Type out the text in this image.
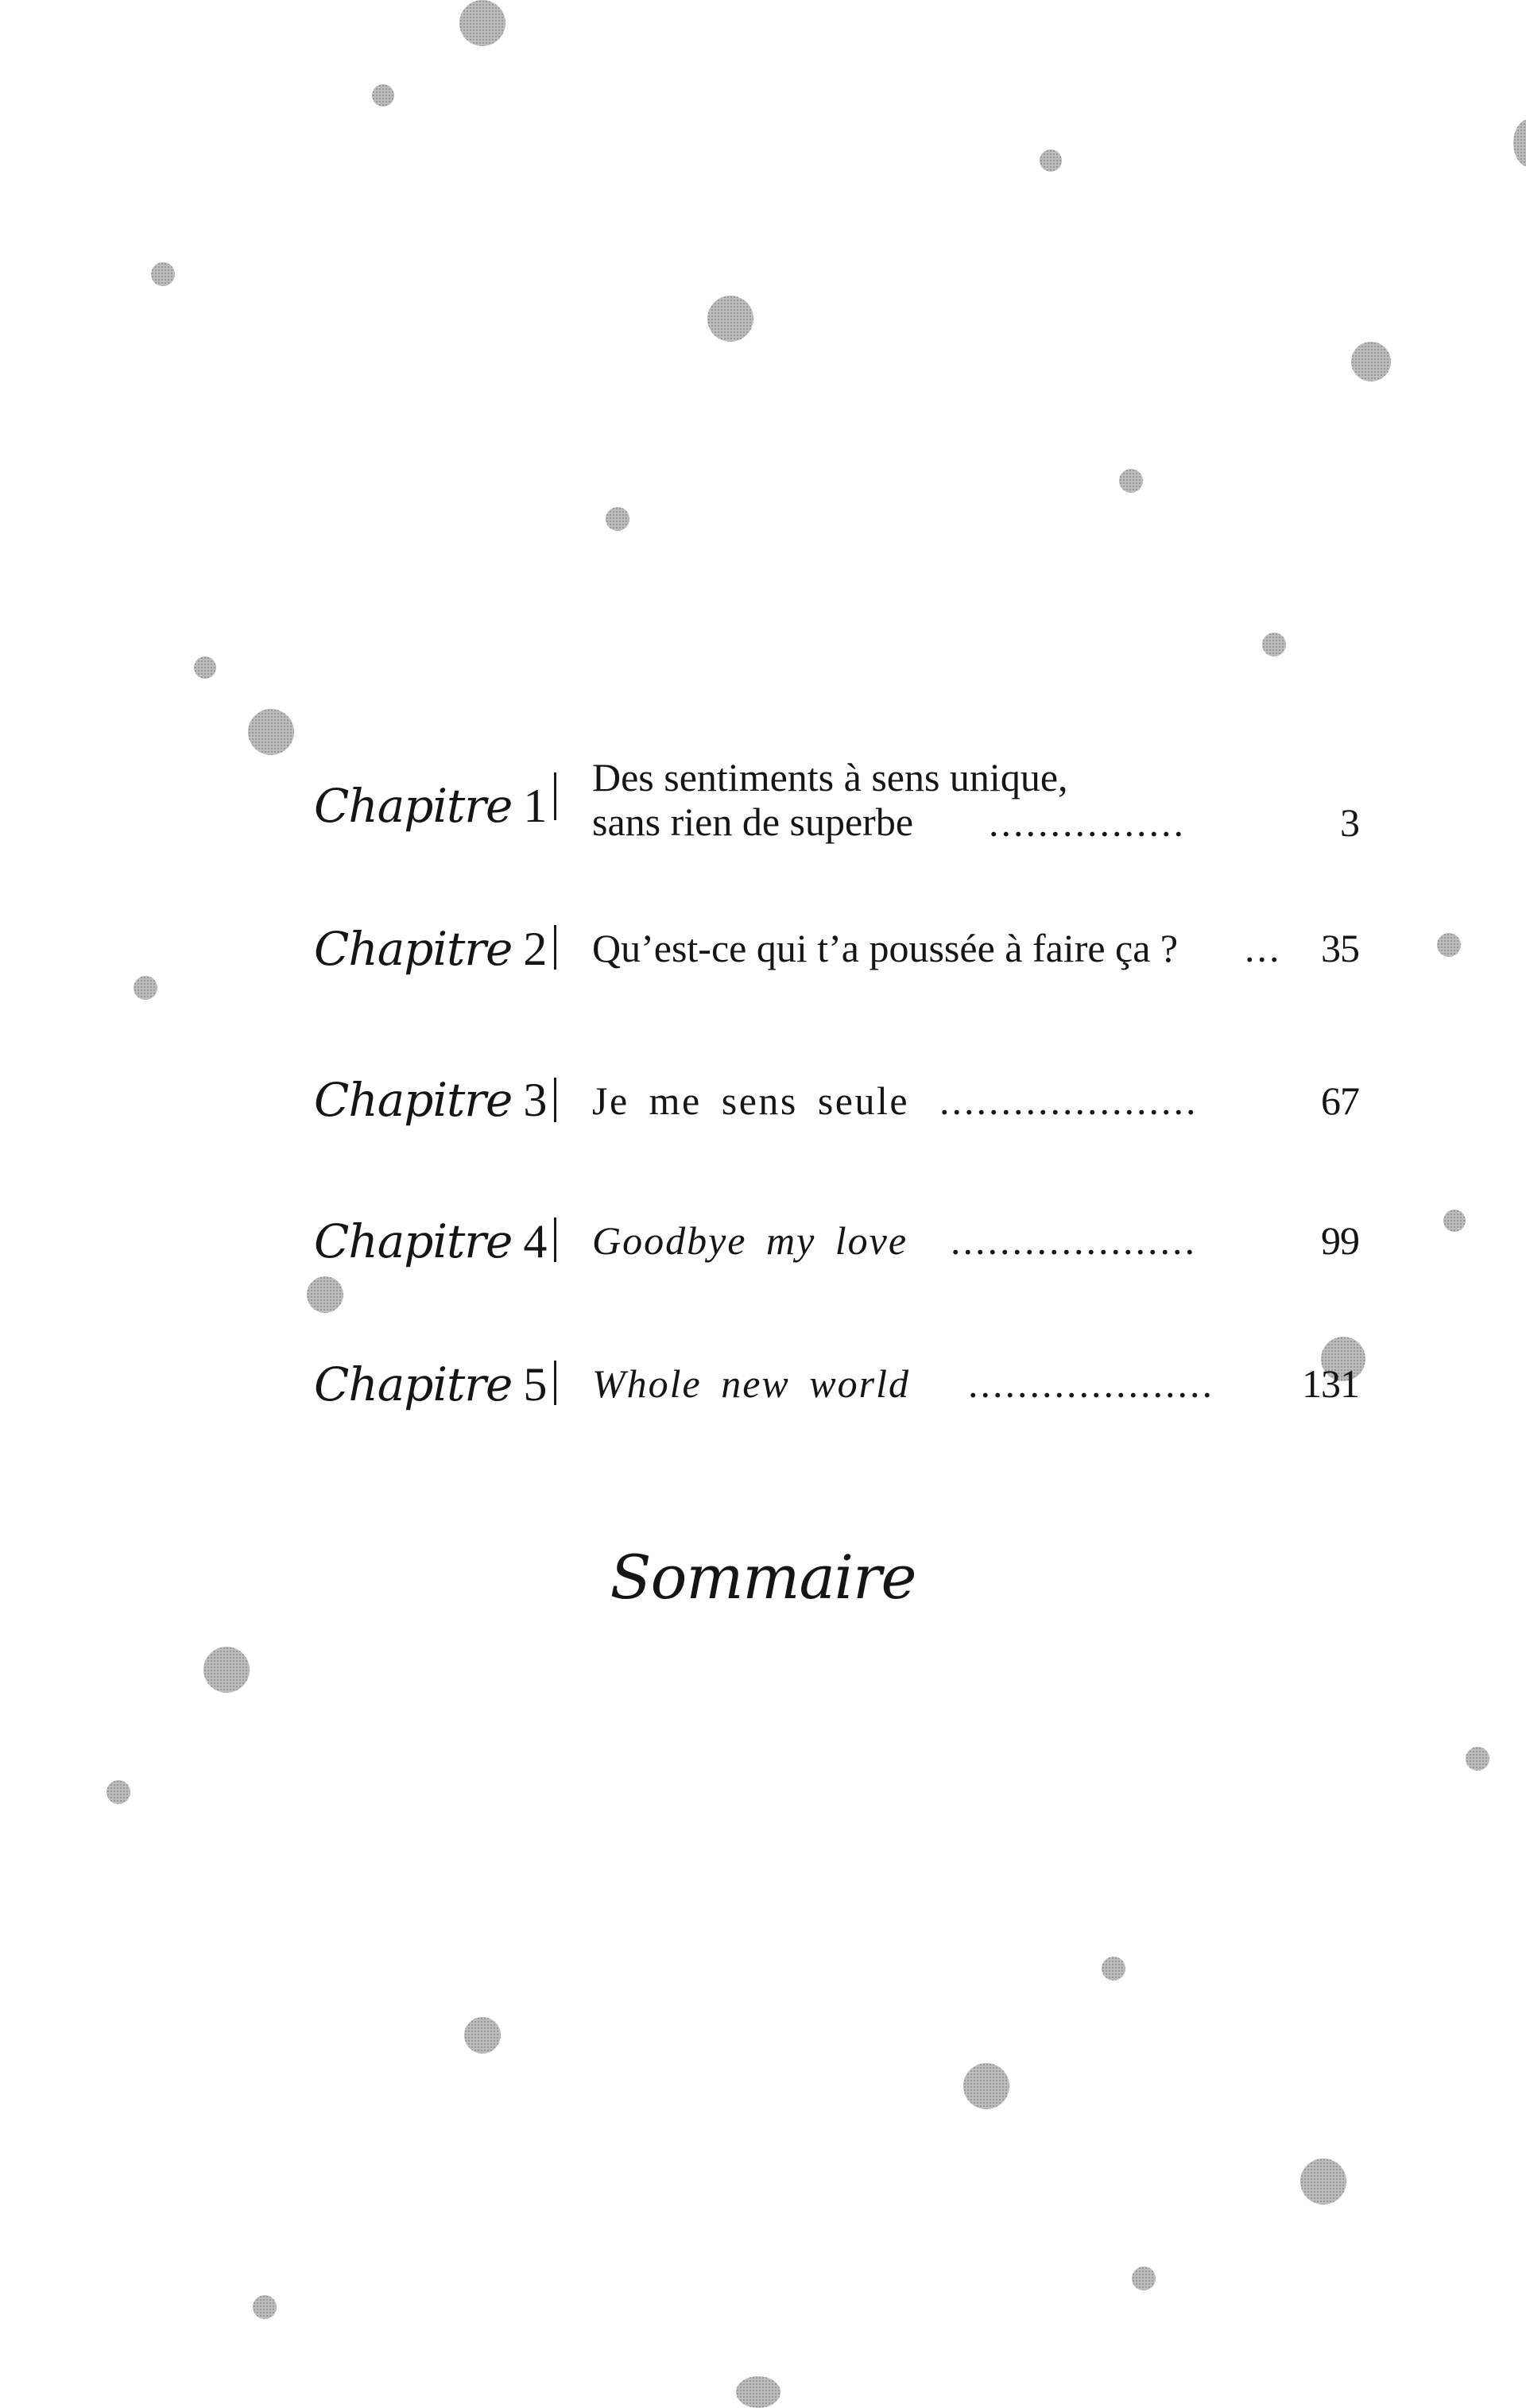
Chapitre 1
Des sentiments à sens unique,
sans rien de superbe	................	3
Chapitre 2 Qu’est-ce qui t’a poussée à faire ça ? ... 35
Chapitre 3 Je me sens seule .....................	67
Chapitre 4 Goodbye my love ....................	99
Chapitre 5 Whole new world ....................	131
Sommaire
